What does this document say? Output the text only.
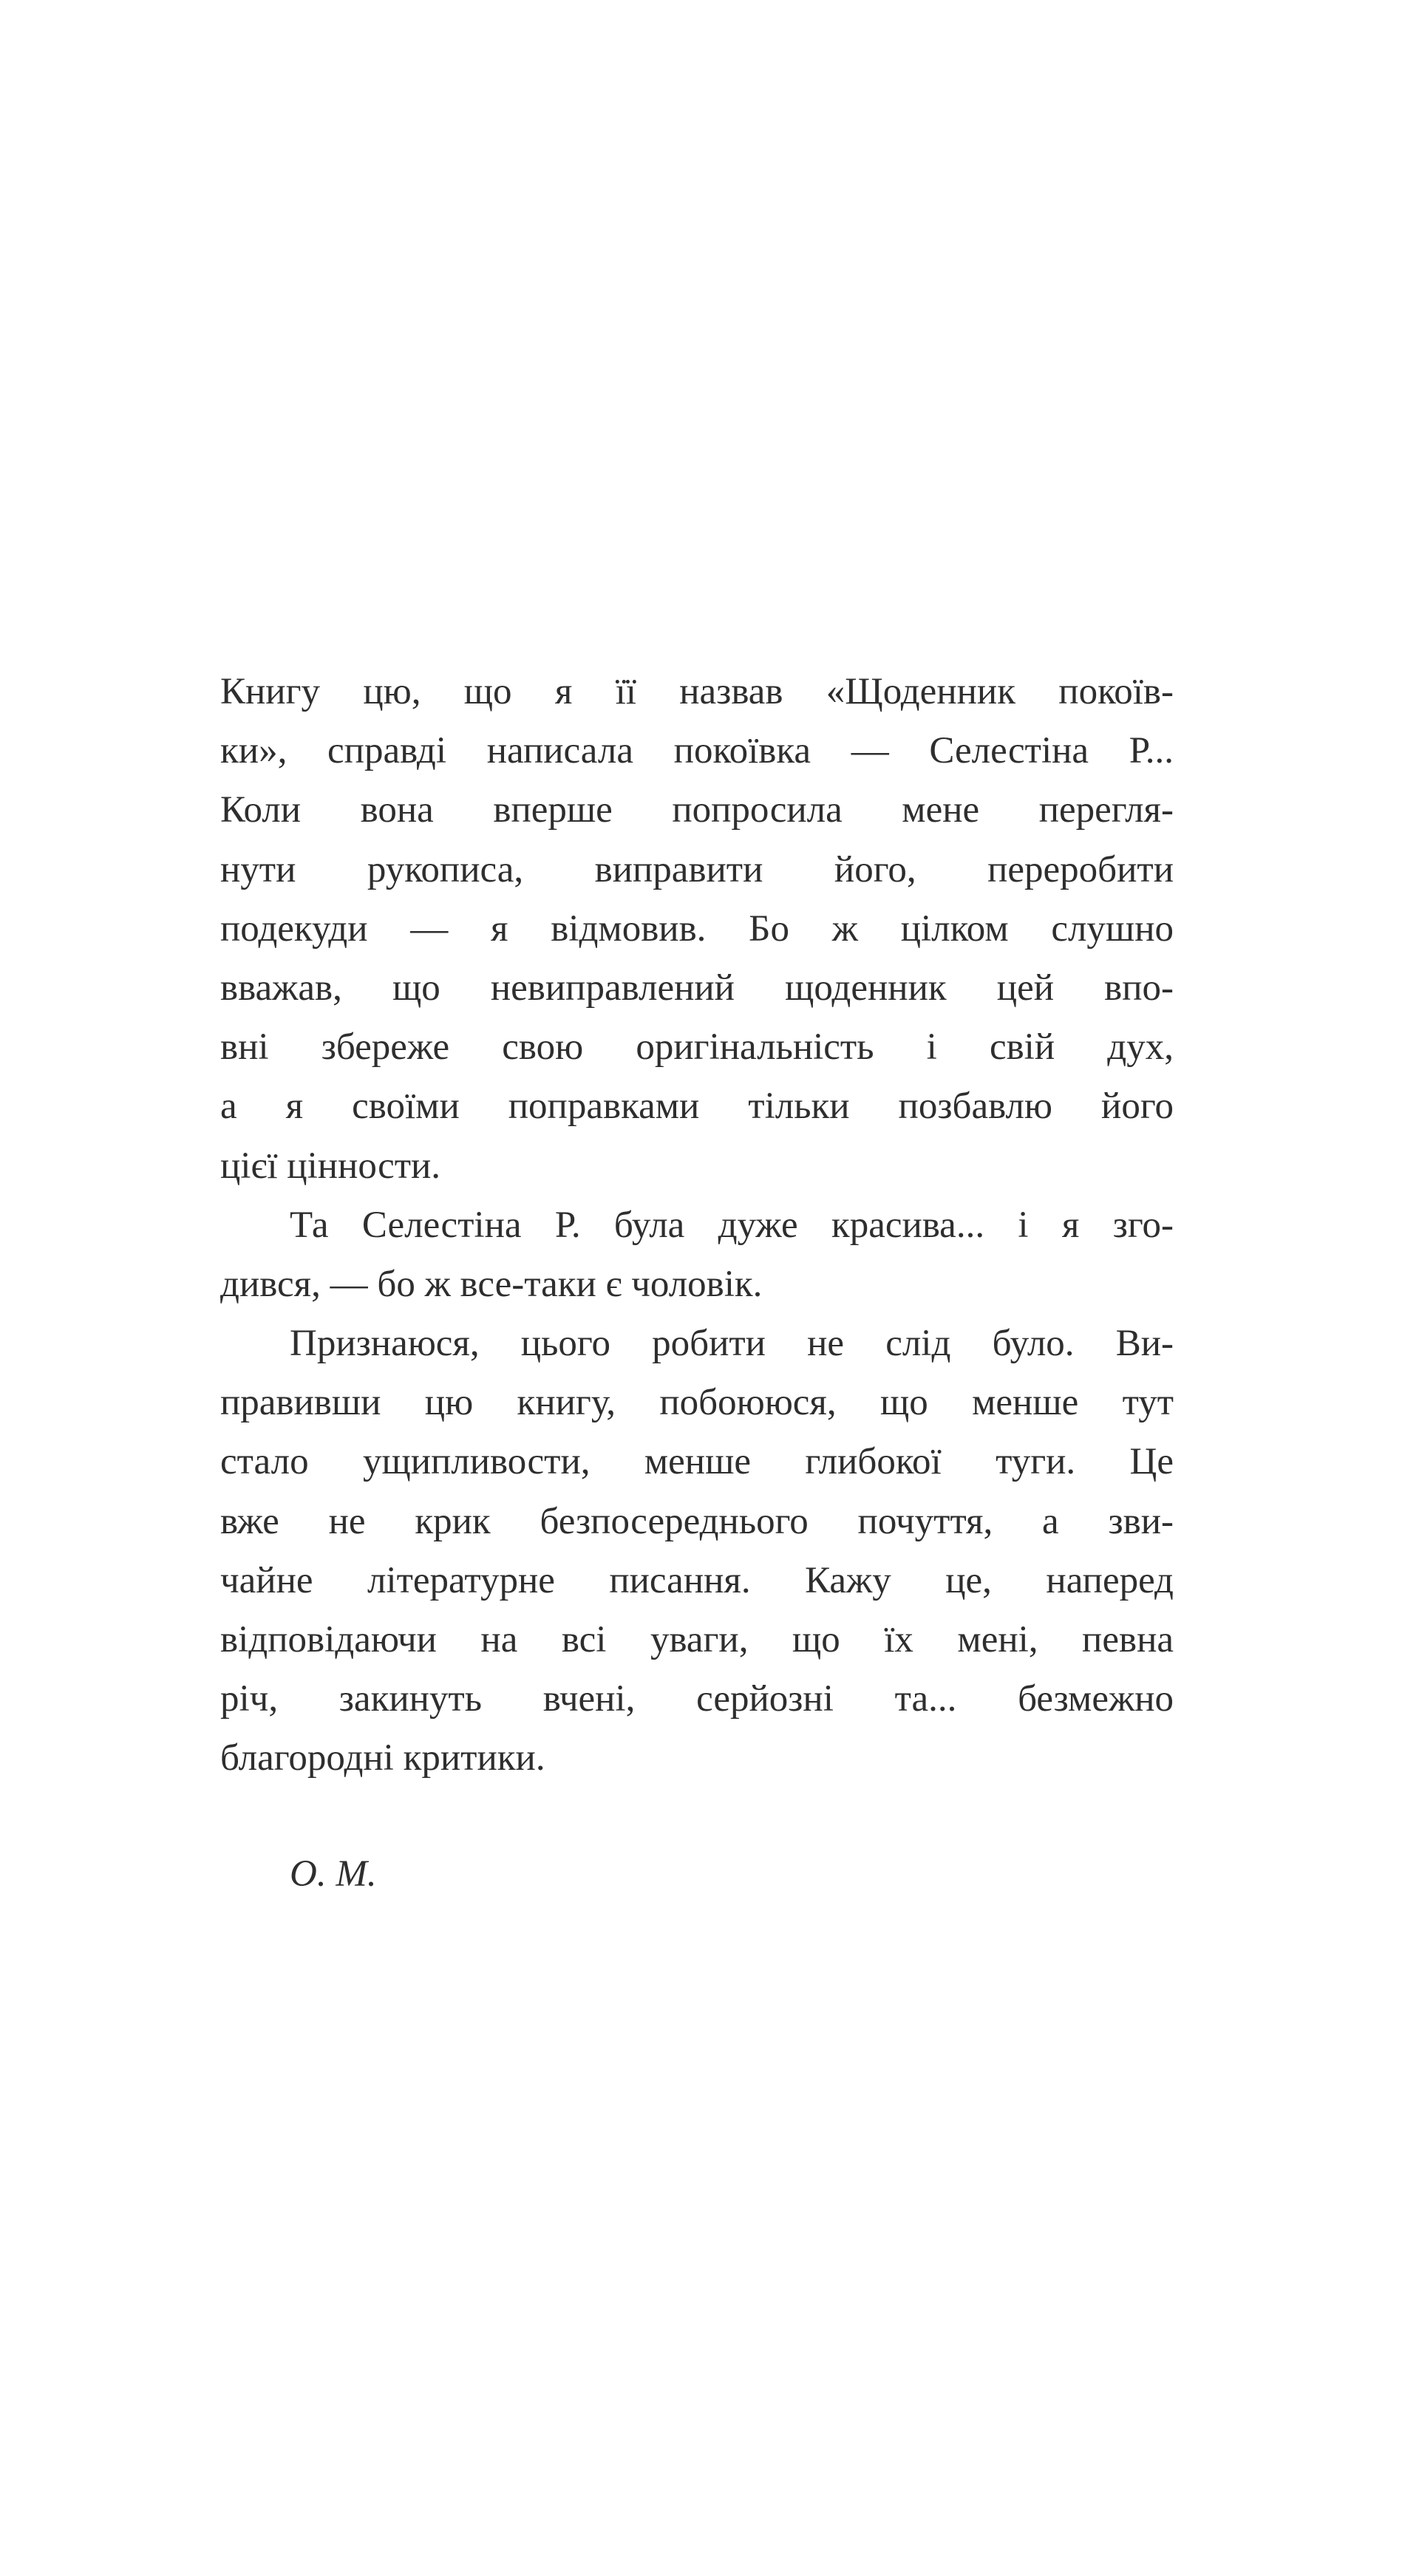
Книгу цю, що я її назвав «Щоденник покоїв-
ки», справді написала покоївка — Селестіна Р...
Коли вона вперше попросила мене перегля-
нути рукописа, виправити його, переробити
подекуди — я відмовив. Бо ж цілком слушно
вважав, що невиправлений щоденник цей впо-
вні збереже свою оригінальність і свій дух,
а я своїми поправками тільки позбавлю його
цієї цінности.
Та Селестіна Р. була дуже красива... і я зго-
дився, — бо ж все-таки є чоловік.
Признаюся, цього робити не слід було. Ви-
правивши цю книгу, побоююся, що менше тут
стало ущипливости, менше глибокої туги. Це
вже не крик безпосереднього почуття, а зви-
чайне літературне писання. Кажу це, наперед
відповідаючи на всі уваги, що їх мені, певна
річ, закинуть вчені, серйозні та... безмежно
благородні критики.
О. М.
